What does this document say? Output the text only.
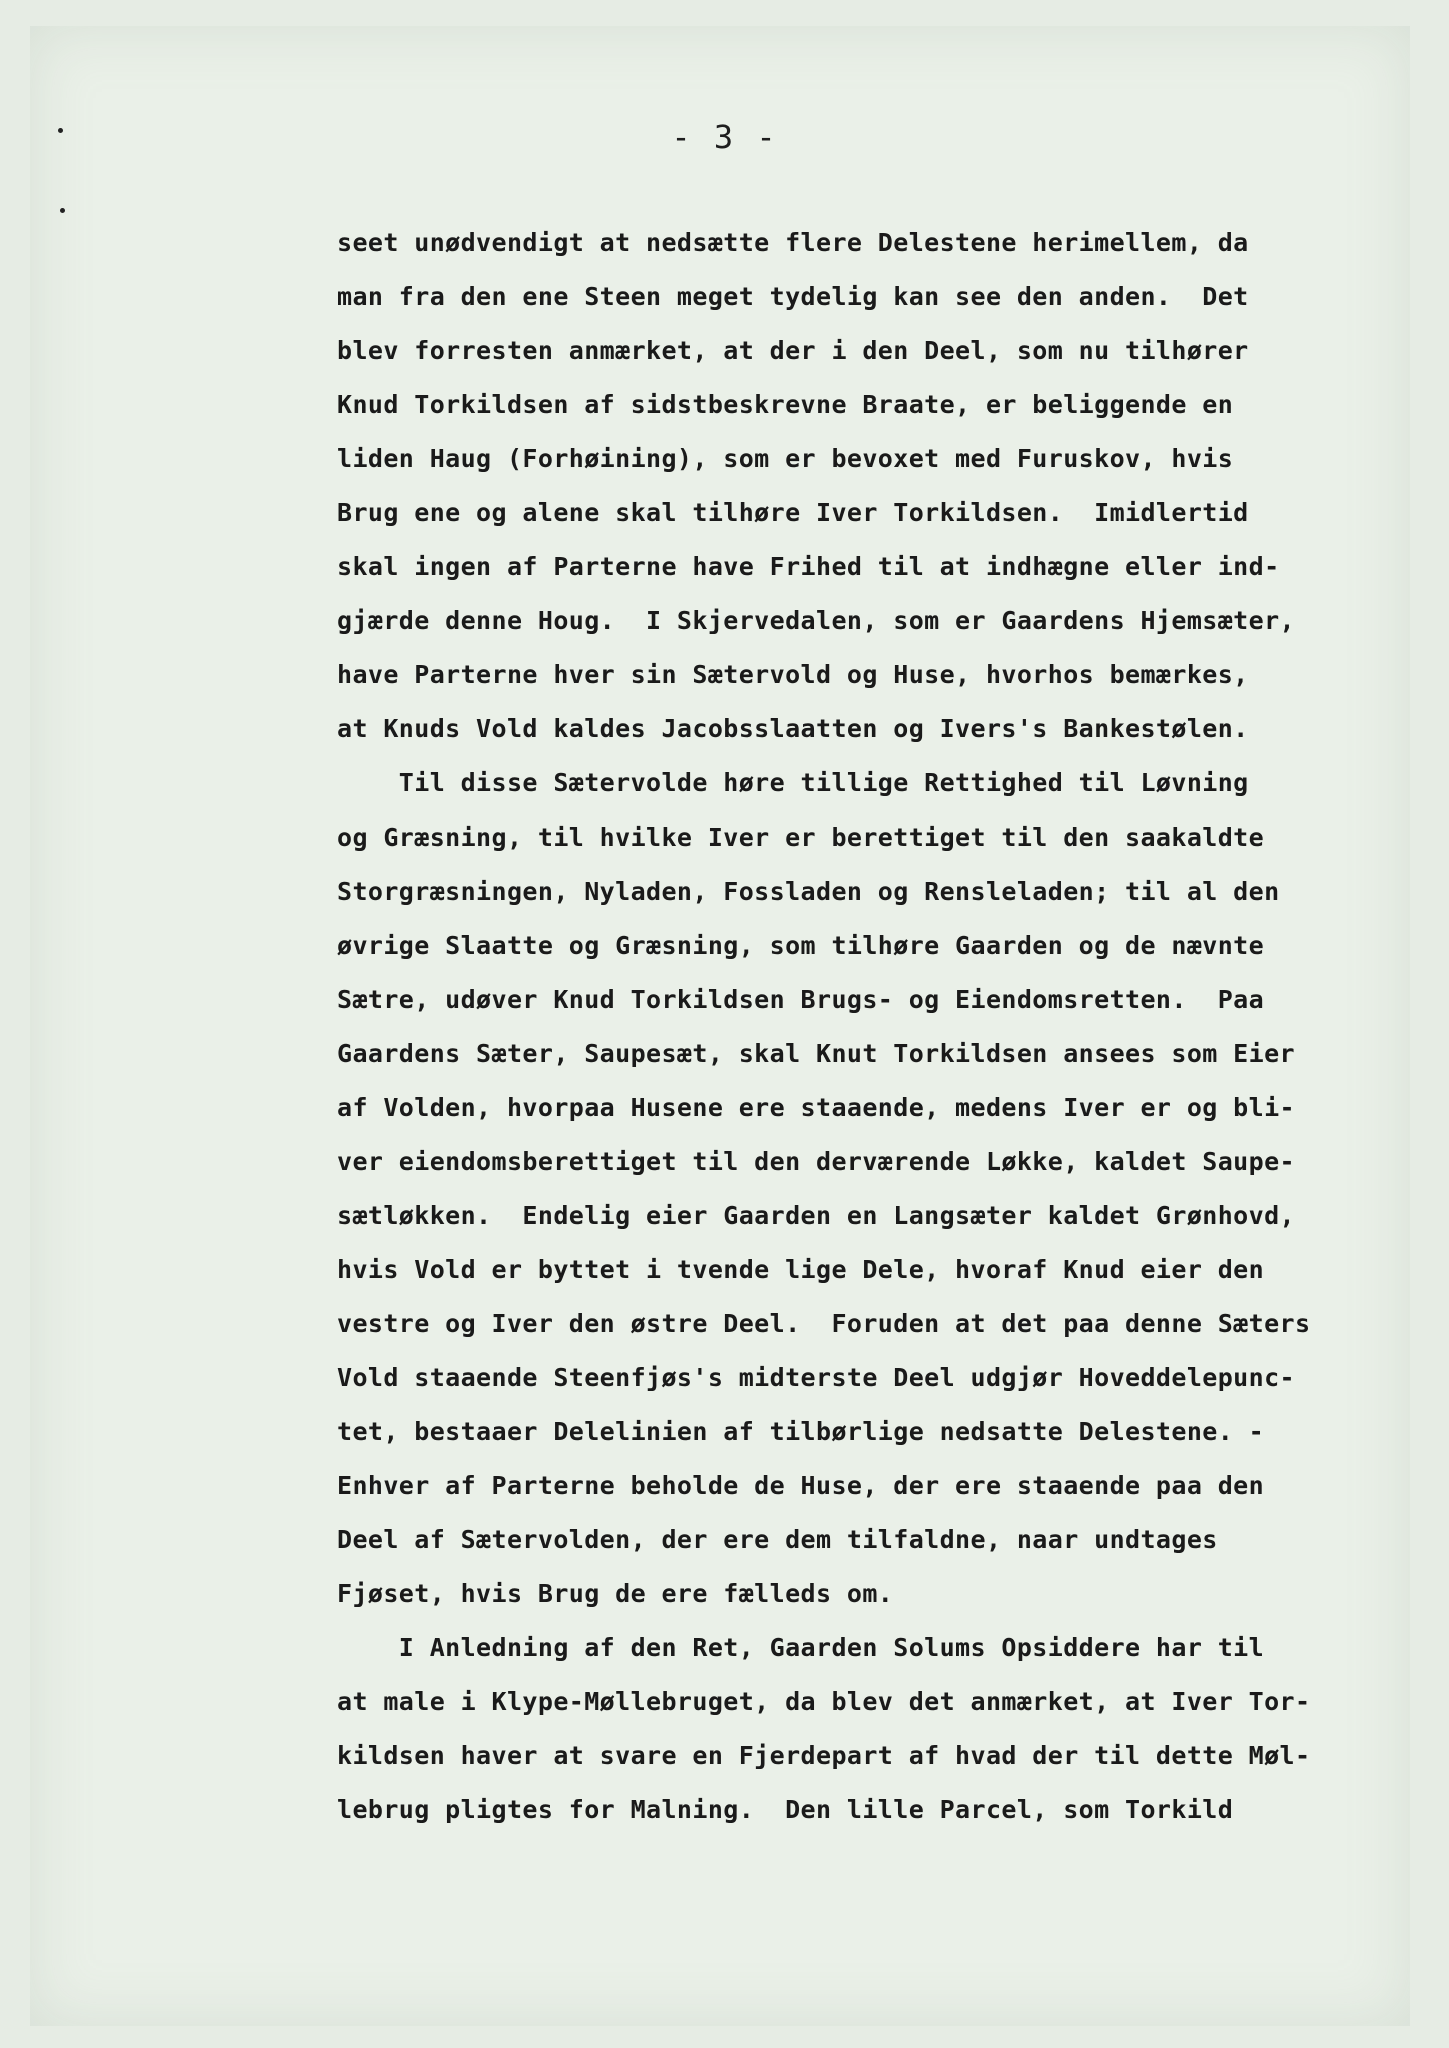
- 3 -
seet unødvendigt at nedsætte flere Delestene herimellem, da
man fra den ene Steen meget tydelig kan see den anden.  Det
blev forresten anmærket, at der i den Deel, som nu tilhører
Knud Torkildsen af sidstbeskrevne Braate, er beliggende en
liden Haug (Forhøining), som er bevoxet med Furuskov, hvis
Brug ene og alene skal tilhøre Iver Torkildsen.  Imidlertid
skal ingen af Parterne have Frihed til at indhægne eller ind-
gjærde denne Houg.  I Skjervedalen, som er Gaardens Hjemsæter,
have Parterne hver sin Sætervold og Huse, hvorhos bemærkes,
at Knuds Vold kaldes Jacobsslaatten og Ivers's Bankestølen.
Til disse Sætervolde høre tillige Rettighed til Løvning
og Græsning, til hvilke Iver er berettiget til den saakaldte
Storgræsningen, Nyladen, Fossladen og Rensleladen; til al den
øvrige Slaatte og Græsning, som tilhøre Gaarden og de nævnte
Sætre, udøver Knud Torkildsen Brugs- og Eiendomsretten.  Paa
Gaardens Sæter, Saupesæt, skal Knut Torkildsen ansees som Eier
af Volden, hvorpaa Husene ere staaende, medens Iver er og bli-
ver eiendomsberettiget til den derværende Løkke, kaldet Saupe-
sætløkken.  Endelig eier Gaarden en Langsæter kaldet Grønhovd,
hvis Vold er byttet i tvende lige Dele, hvoraf Knud eier den
vestre og Iver den østre Deel.  Foruden at det paa denne Sæters
Vold staaende Steenfjøs's midterste Deel udgjør Hoveddelepunc-
tet, bestaaer Delelinien af tilbørlige nedsatte Delestene. -
Enhver af Parterne beholde de Huse, der ere staaende paa den
Deel af Sætervolden, der ere dem tilfaldne, naar undtages
Fjøset, hvis Brug de ere fælleds om.
I Anledning af den Ret, Gaarden Solums Opsiddere har til
at male i Klype-Møllebruget, da blev det anmærket, at Iver Tor-
kildsen haver at svare en Fjerdepart af hvad der til dette Møl-
lebrug pligtes for Malning.  Den lille Parcel, som Torkild
